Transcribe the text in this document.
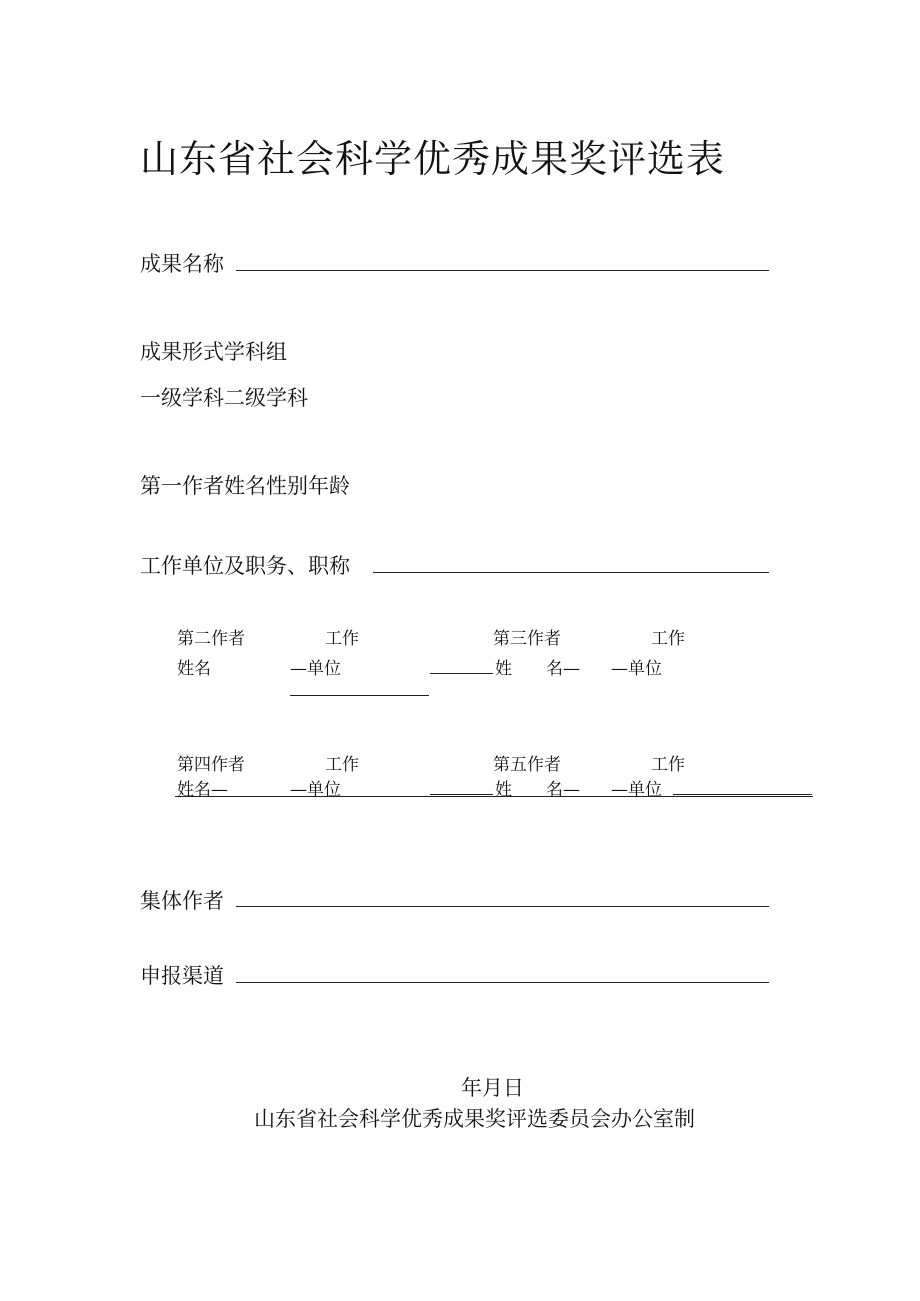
山东省社会科学优秀成果奖评选表
成果名称
成果形式学科组
一级学科二级学科
第一作者姓名性别年龄
工作单位及职务、职称
第二作者	工作
姓名	—单位
第三作者	工作
姓 名— —单位
第四作者	工作
姓名—	—单位
第五作者	工作
姓 名— —单位
集体作者
申报渠道
年月日
山东省社会科学优秀成果奖评选委员会办公室制
